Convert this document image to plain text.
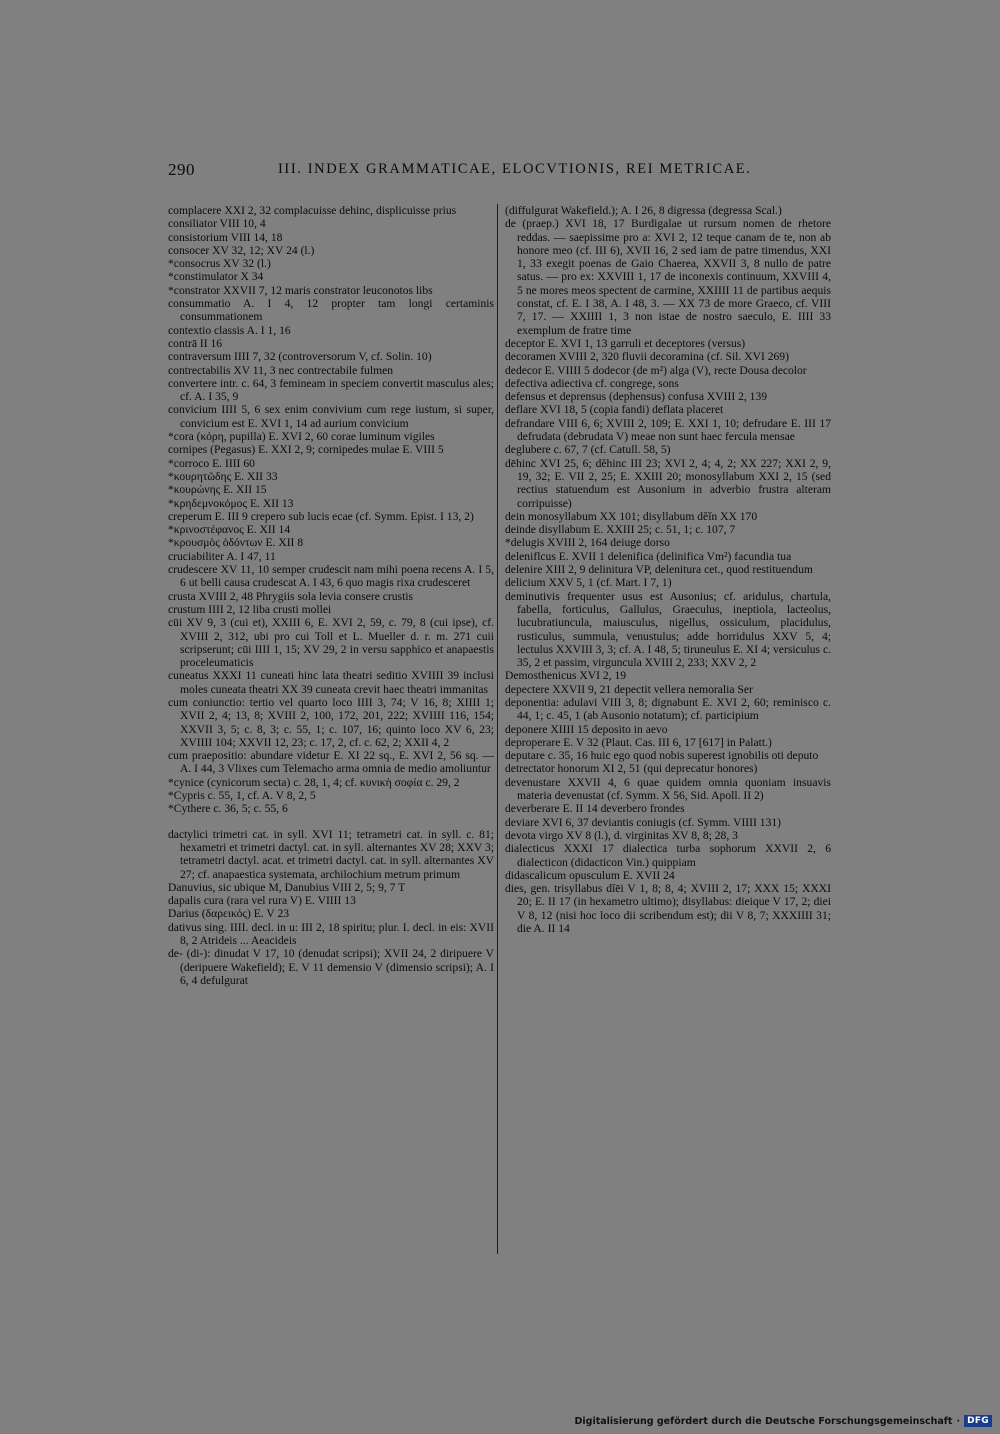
290	III. INDEX GRAMMATICAE, ELOCVTIONIS, REI METRICAE.

complacere XXI 2, 32 complacuisse dehinc, displicuisse prius

consiliator VIII 10, 4

consistorium VIII 14, 18

consocer XV 32, 12; XV 24 (l.)

*consocrus XV 32 (l.)

*constimulator X 34

*constrator XXVII 7, 12 maris constrator leuconotos libs

consummatio A. I 4, 12 propter tam longi certaminis consummationem

contextio classis A. I 1, 16

contrā II 16

contraversum IIII 7, 32 (controversorum V, cf. Solin. 10)

contrectabilis XV 11, 3 nec contrectabile fulmen

convertere intr. c. 64, 3 femineam in speciem convertit masculus ales; cf. A. I 35, 9

convicium IIII 5, 6 sex enim convivium cum rege iustum, si super, convicium est E. XVI 1, 14 ad aurium convicium

*cora (κόρη, pupilla) E. XVI 2, 60 corae luminum vigiles

cornipes (Pegasus) E. XXI 2, 9; cornipedes mulae E. VIII 5

*corroco E. IIII 60

*κουρητῶδης E. XII 33

*κουρώνης E. XII 15

*κρηδεμνοκόμος E. XII 13

creperum E. III 9 crepero sub lucis ecae (cf. Symm. Epist. I 13, 2)

*κρινοστέφανος E. XII 14

*κρουσμὸς ὀδόντων E. XII 8

cruciabiliter A. I 47, 11

crudescere XV 11, 10 semper crudescit nam mihi poena recens A. I 5, 6 ut belli causa crudescat A. I 43, 6 quo magis rixa crudesceret

crusta XVIII 2, 48 Phrygiis sola levia consere crustis

crustum IIII 2, 12 liba crusti mollei

cūi XV 9, 3 (cui et), XXIII 6, E. XVI 2, 59, c. 79, 8 (cui ipse), cf. XVIII 2, 312, ubi pro cui Toll et L. Mueller d. r. m. 271 cuii scripserunt; cūi IIII 1, 15; XV 29, 2 in versu sapphico et anapaestis proceleumaticis

cuneatus XXXI 11 cuneati hinc lata theatri seditio XVIIII 39 inclusi moles cuneata theatri XX 39 cuneata crevit haec theatri immanitas

cum coniunctio: tertio vel quarto loco IIII 3, 74; V 16, 8; XIIII 1; XVII 2, 4; 13, 8; XVIII 2, 100, 172, 201, 222; XVIIII 116, 154; XXVII 3, 5; c. 8, 3; c. 55, 1; c. 107, 16; quinto loco XV 6, 23; XVIIII 104; XXVII 12, 23; c. 17, 2, cf. c. 62, 2; XXII 4, 2

cum praepositio: abundare videtur E. XI 22 sq., E. XVI 2, 56 sq. — A. I 44, 3 Vlixes cum Telemacho arma omnia de medio amoliuntur

*cynice (cynicorum secta) c. 28, 1, 4; cf. κυνικὴ σοφία c. 29, 2

*Cypris c. 55, 1, cf. A. V 8, 2, 5

*Cythere c. 36, 5; c. 55, 6

dactylici trimetri cat. in syll. XVI 11; tetrametri cat. in syll. c. 81; hexametri et trimetri dactyl. cat. in syll. alternantes XV 28; XXV 3; tetrametri dactyl. acat. et trimetri dactyl. cat. in syll. alternantes XV 27; cf. anapaestica systemata, archilochium metrum primum

Danuvius, sic ubique M, Danubius VIII 2, 5; 9, 7 T

dapalis cura (rara vel rura V) E. VIIII 13

Darius (δαρεικός) E. V 23

dativus sing. IIII. decl. in u: III 2, 18 spiritu; plur. I. decl. in eis: XVII 8, 2 Atrideis ... Aeacideis

de- (di-): dinudat V 17, 10 (denudat scripsi); XVII 24, 2 diripuere V (deripuere Wakefield); E. V 11 demensio V (dimensio scripsi); A. I 6, 4 defulgurat

(diffulgurat Wakefield.); A. I 26, 8 digressa (degressa Scal.)

de (praep.) XVI 18, 17 Burdigalae ut rursum nomen de rhetore reddas. — saepissime pro a: XVI 2, 12 teque canam de te, non ab honore meo (cf. III 6), XVII 16, 2 sed iam de patre timendus, XXI 1, 33 exegit poenas de Gaio Chaerea, XXVII 3, 8 nullo de patre satus. — pro ex: XXVIII 1, 17 de inconexis continuum, XXVIII 4, 5 ne mores meos spectent de carmine, XXIIII 11 de partibus aequis constat, cf. E. I 38, A. I 48, 3. — XX 73 de more Graeco, cf. VIII 7, 17. — XXIIII 1, 3 non istae de nostro saeculo, E. IIII 33 exemplum de fratre time

deceptor E. XVI 1, 13 garruli et deceptores (versus)

decoramen XVIII 2, 320 fluvii decoramina (cf. Sil. XVI 269)

dedecor E. VIIII 5 dodecor (de m²) alga (V), recte Dousa decolor

defectiva adiectiva cf. congrege, sons

defensus et deprensus (dephensus) confusa XVIII 2, 139

deflare XVI 18, 5 (copia fandi) deflata placeret

defrandare VIII 6, 6; XVIII 2, 109; E. XXI 1, 10; defrudare E. III 17 defrudata (debrudata V) meae non sunt haec fercula mensae

deglubere c. 67, 7 (cf. Catull. 58, 5)

dēhinc XVI 25, 6; dĕhinc III 23; XVI 2, 4; 4, 2; XX 227; XXI 2, 9, 19, 32; E. VII 2, 25; E. XXIII 20; monosyllabum XXI 2, 15 (sed rectius statuendum est Ausonium in adverbio frustra alteram corripuisse)

dein monosyllabum XX 101; disyllabum dĕĭn XX 170

deinde disyllabum E. XXIII 25; c. 51, 1; c. 107, 7

*delugis XVIII 2, 164 deiuge dorso

deleniflcus E. XVII 1 delenifica (delinifica Vm²) facundia tua

delenire XIII 2, 9 delinitura VP, delenitura cet., quod restituendum

delicium XXV 5, 1 (cf. Mart. I 7, 1)

deminutivis frequenter usus est Ausonius; cf. aridulus, chartula, fabella, forticulus, Gallulus, Graeculus, ineptiola, lacteolus, lucubratiuncula, maiusculus, nigellus, ossiculum, placidulus, rusticulus, summula, venustulus; adde horridulus XXV 5, 4; lectulus XXVIII 3, 3; cf. A. I 48, 5; tiruneulus E. XI 4; versiculus c. 35, 2 et passim, virguncula XVIII 2, 233; XXV 2, 2

Demosthenicus XVI 2, 19

depectere XXVII 9, 21 depectit vellera nemoralia Ser

deponentia: adulavi VIII 3, 8; dignabunt E. XVI 2, 60; reminisco c. 44, 1; c. 45, 1 (ab Ausonio notatum); cf. participium

deponere XIIII 15 deposito in aevo

deproperare E. V 32 (Plaut. Cas. III 6, 17 [617] in Palatt.)

deputare c. 35, 16 huic ego quod nobis superest ignobilis oti deputo

detrectator honorum XI 2, 51 (qui deprecatur honores)

devenustare XXVII 4, 6 quae quidem omnia quoniam insuavis materia devenustat (cf. Symm. X 56, Sid. Apoll. II 2)

deverberare E. II 14 deverbero frondes

deviare XVI 6, 37 deviantis coniugis (cf. Symm. VIIII 131)

devota virgo XV 8 (l.), d. virginitas XV 8, 8; 28, 3

dialecticus XXXI 17 dialectica turba sophorum XXVII 2, 6 dialecticon (didacticon Vin.) quippiam

didascalicum opusculum E. XVII 24

dies, gen. trisyllabus dĭēi V 1, 8; 8, 4; XVIII 2, 17; XXX 15; XXXI 20; E. II 17 (in hexametro ultimo); disyllabus: dieique V 17, 2; diei V 8, 12 (nisi hoc loco dii scribendum est); dii V 8, 7; XXXIIII 31; die A. II 14

Digitalisierung gefördert durch die Deutsche Forschungsgemeinschaft · DFG
